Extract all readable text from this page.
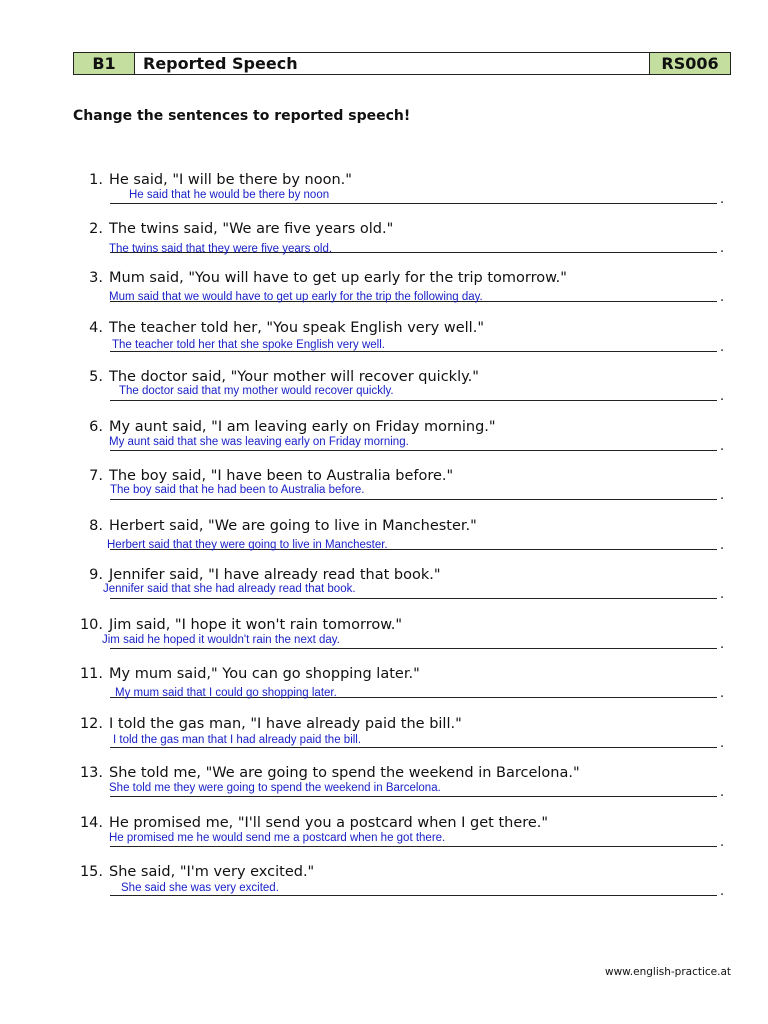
B1	Reported Speech	RS006
Change the sentences to reported speech!
1. He said, "I will be there by noon."
He said that he would be there by noon	.
2. The twins said, "We are five years old."
The twins said that they were five years old.	.
3. Mum said, "You will have to get up early for the trip tomorrow."
Mum said that we would have to get up early for the trip the following day.	.
4. The teacher told her, "You speak English very well."
The teacher told her that she spoke English very well.	.
5. The doctor said, "Your mother will recover quickly."
The doctor said that my mother would recover quickly.	.
6. My aunt said, "I am leaving early on Friday morning."
My aunt said that she was leaving early on Friday morning.	.
7. The boy said, "I have been to Australia before."
The boy said that he had been to Australia before.	.
8. Herbert said, "We are going to live in Manchester."
Herbert said that they were going to live in Manchester.	.
9. Jennifer said, "I have already read that book."
Jennifer said that she had already read that book.	.
10. Jim said, "I hope it won't rain tomorrow."
Jim said he hoped it wouldn't rain the next day.	.
11. My mum said," You can go shopping later."
My mum said that I could go shopping later.	.
12. I told the gas man, "I have already paid the bill."
I told the gas man that I had already paid the bill.	.
13. She told me, "We are going to spend the weekend in Barcelona."
She told me they were going to spend the weekend in Barcelona.	.
14. He promised me, "I'll send you a postcard when I get there."
He promised me he would send me a postcard when he got there.	.
15. She said, "I'm very excited."
She said she was very excited.	.
www.english-practice.at
